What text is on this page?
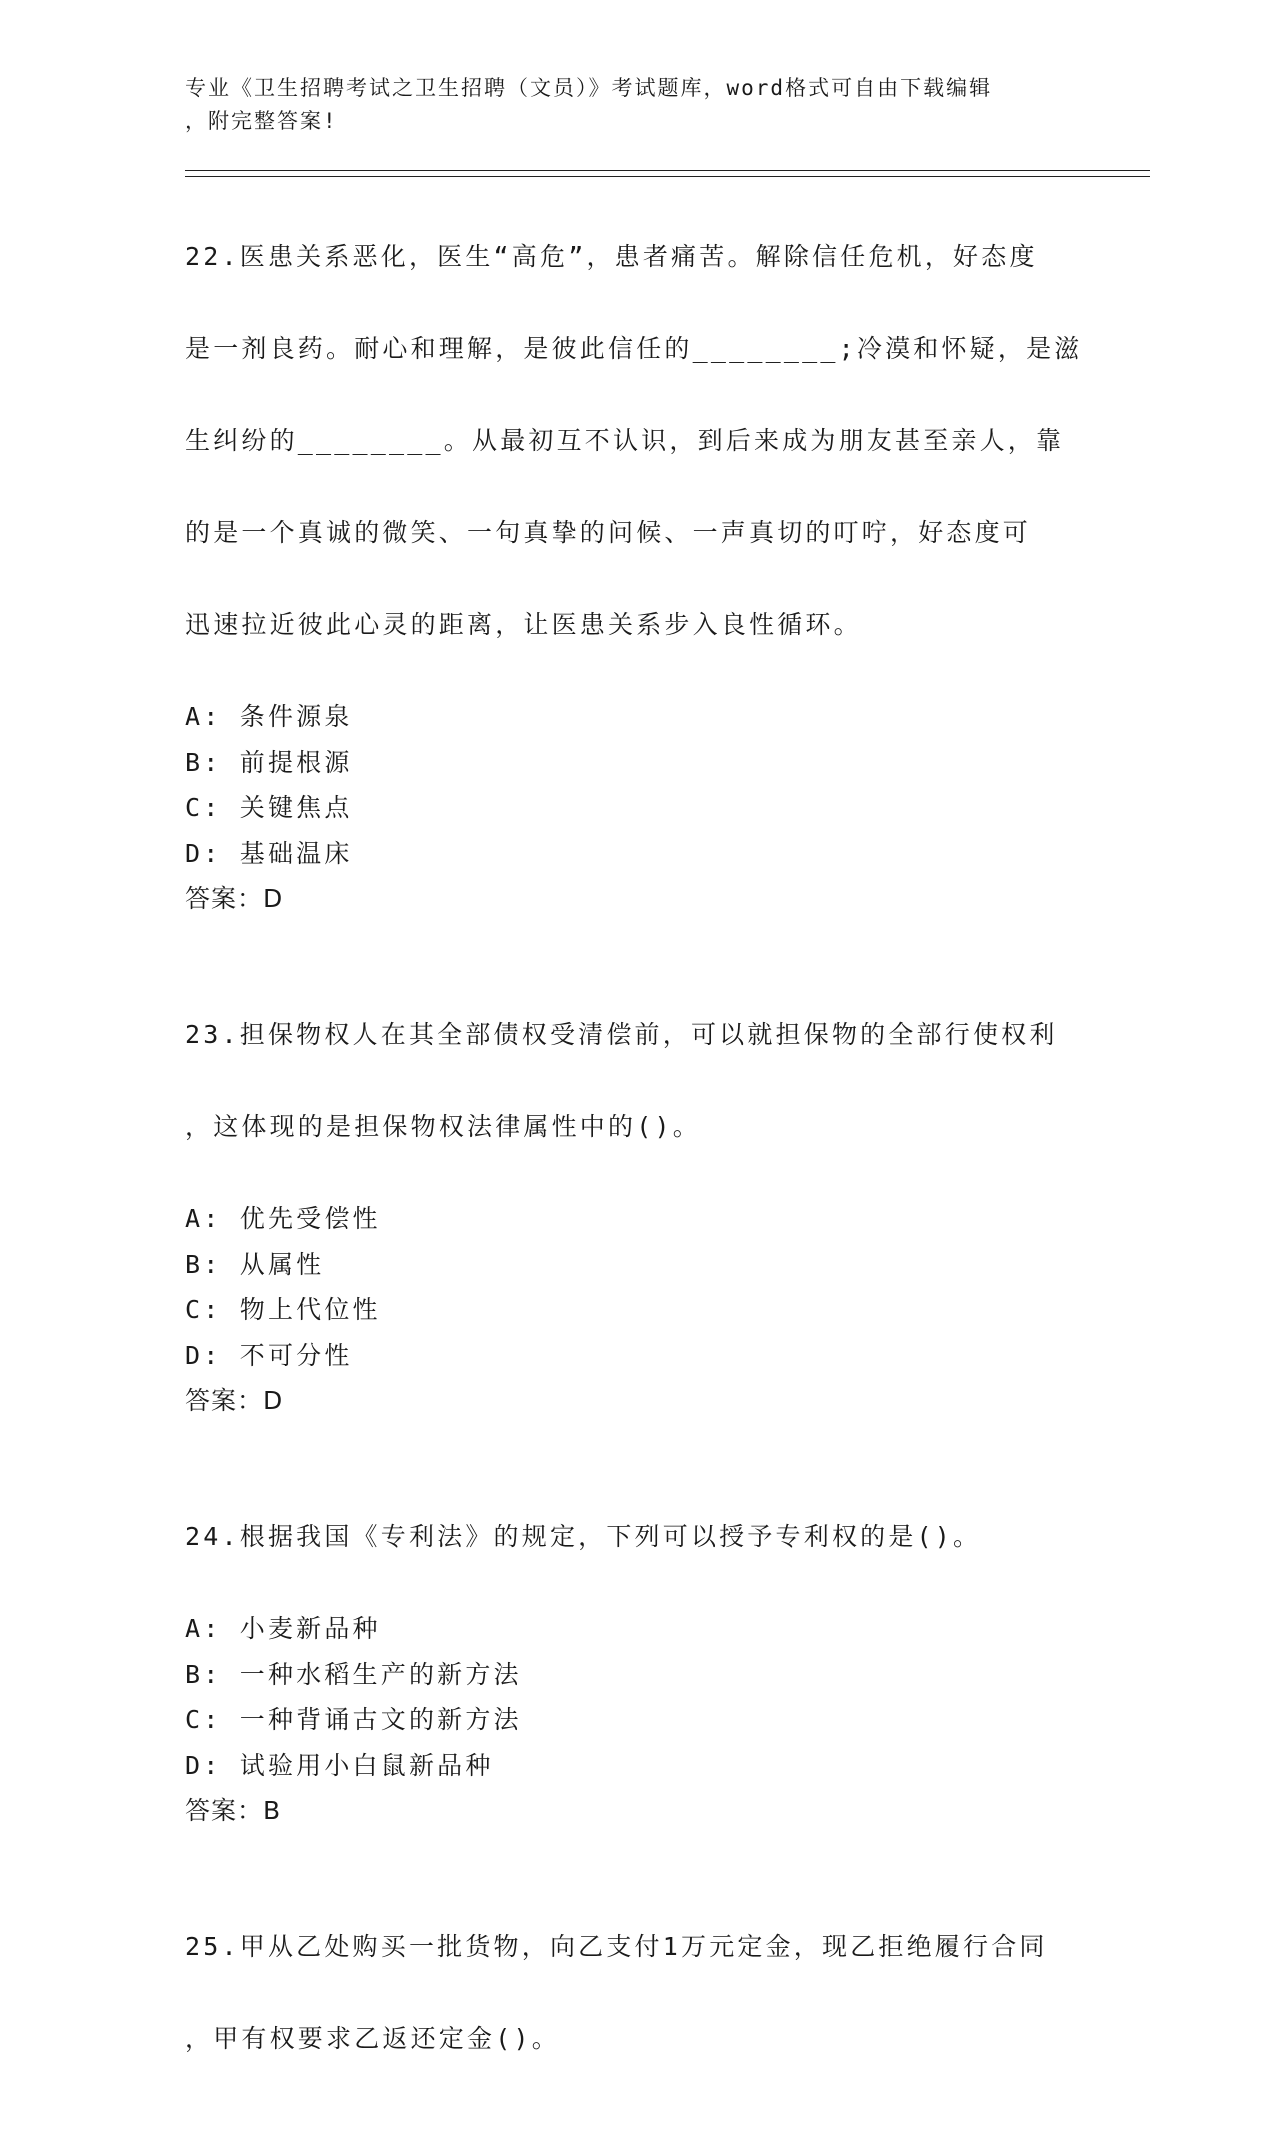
专业《卫生招聘考试之卫生招聘（文员）》考试题库，word格式可自由下载编辑
，附完整答案!

22.医患关系恶化，医生“高危”，患者痛苦。解除信任危机，好态度

是一剂良药。耐心和理解，是彼此信任的________;冷漠和怀疑，是滋

生纠纷的________。从最初互不认识，到后来成为朋友甚至亲人，靠

的是一个真诚的微笑、一句真挚的问候、一声真切的叮咛，好态度可

迅速拉近彼此心灵的距离，让医患关系步入良性循环。

A: 条件源泉
B: 前提根源
C: 关键焦点
D: 基础温床
答案：D

23.担保物权人在其全部债权受清偿前，可以就担保物的全部行使权利

，这体现的是担保物权法律属性中的()。

A: 优先受偿性
B: 从属性
C: 物上代位性
D: 不可分性
答案：D

24.根据我国《专利法》的规定，下列可以授予专利权的是()。

A: 小麦新品种
B: 一种水稻生产的新方法
C: 一种背诵古文的新方法
D: 试验用小白鼠新品种
答案：B

25.甲从乙处购买一批货物，向乙支付1万元定金，现乙拒绝履行合同

，甲有权要求乙返还定金()。
